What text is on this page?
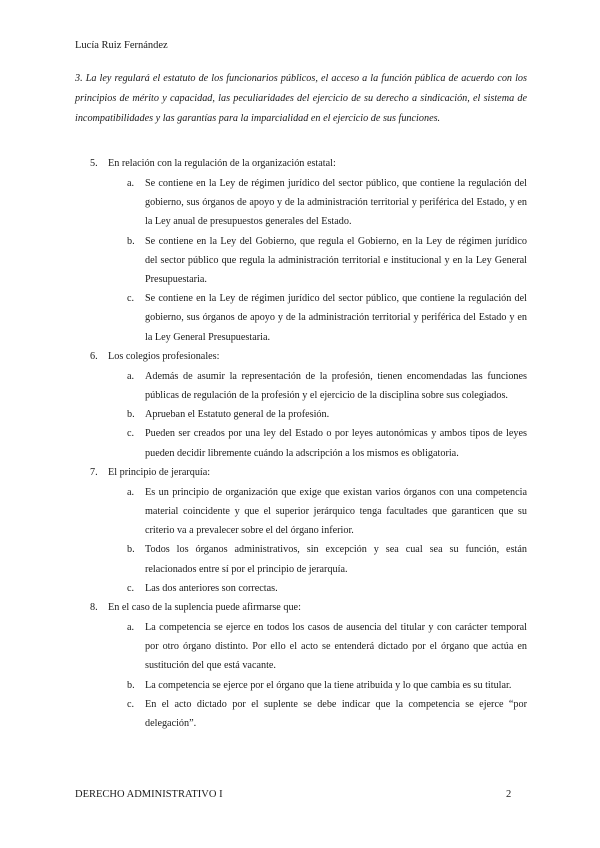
Lucía Ruiz Fernández
3. La ley regulará el estatuto de los funcionarios públicos, el acceso a la función pública de acuerdo con los principios de mérito y capacidad, las peculiaridades del ejercicio de su derecho a sindicación, el sistema de incompatibilidades y las garantías para la imparcialidad en el ejercicio de sus funciones.
5. En relación con la regulación de la organización estatal:
a. Se contiene en la Ley de régimen jurídico del sector público, que contiene la regulación del gobierno, sus órganos de apoyo y de la administración territorial y periférica del Estado, y en la Ley anual de presupuestos generales del Estado.
b. Se contiene en la Ley del Gobierno, que regula el Gobierno, en la Ley de régimen jurídico del sector público que regula la administración territorial e institucional y en la Ley General Presupuestaria.
c. Se contiene en la Ley de régimen jurídico del sector público, que contiene la regulación del gobierno, sus órganos de apoyo y de la administración territorial y periférica del Estado y en la Ley General Presupuestaria.
6. Los colegios profesionales:
a. Además de asumir la representación de la profesión, tienen encomendadas las funciones públicas de regulación de la profesión y el ejercicio de la disciplina sobre sus colegiados.
b. Aprueban el Estatuto general de la profesión.
c. Pueden ser creados por una ley del Estado o por leyes autonómicas y ambos tipos de leyes pueden decidir libremente cuándo la adscripción a los mismos es obligatoria.
7. El principio de jerarquía:
a. Es un principio de organización que exige que existan varios órganos con una competencia material coincidente y que el superior jerárquico tenga facultades que garanticen que su criterio va a prevalecer sobre el del órgano inferior.
b. Todos los órganos administrativos, sin excepción y sea cual sea su función, están relacionados entre sí por el principio de jerarquía.
c. Las dos anteriores son correctas.
8. En el caso de la suplencia puede afirmarse que:
a. La competencia se ejerce en todos los casos de ausencia del titular y con carácter temporal por otro órgano distinto. Por ello el acto se entenderá dictado por el órgano que actúa en sustitución del que está vacante.
b. La competencia se ejerce por el órgano que la tiene atribuida y lo que cambia es su titular.
c. En el acto dictado por el suplente se debe indicar que la competencia se ejerce “por delegación”.
DERECHO ADMINISTRATIVO I	2
